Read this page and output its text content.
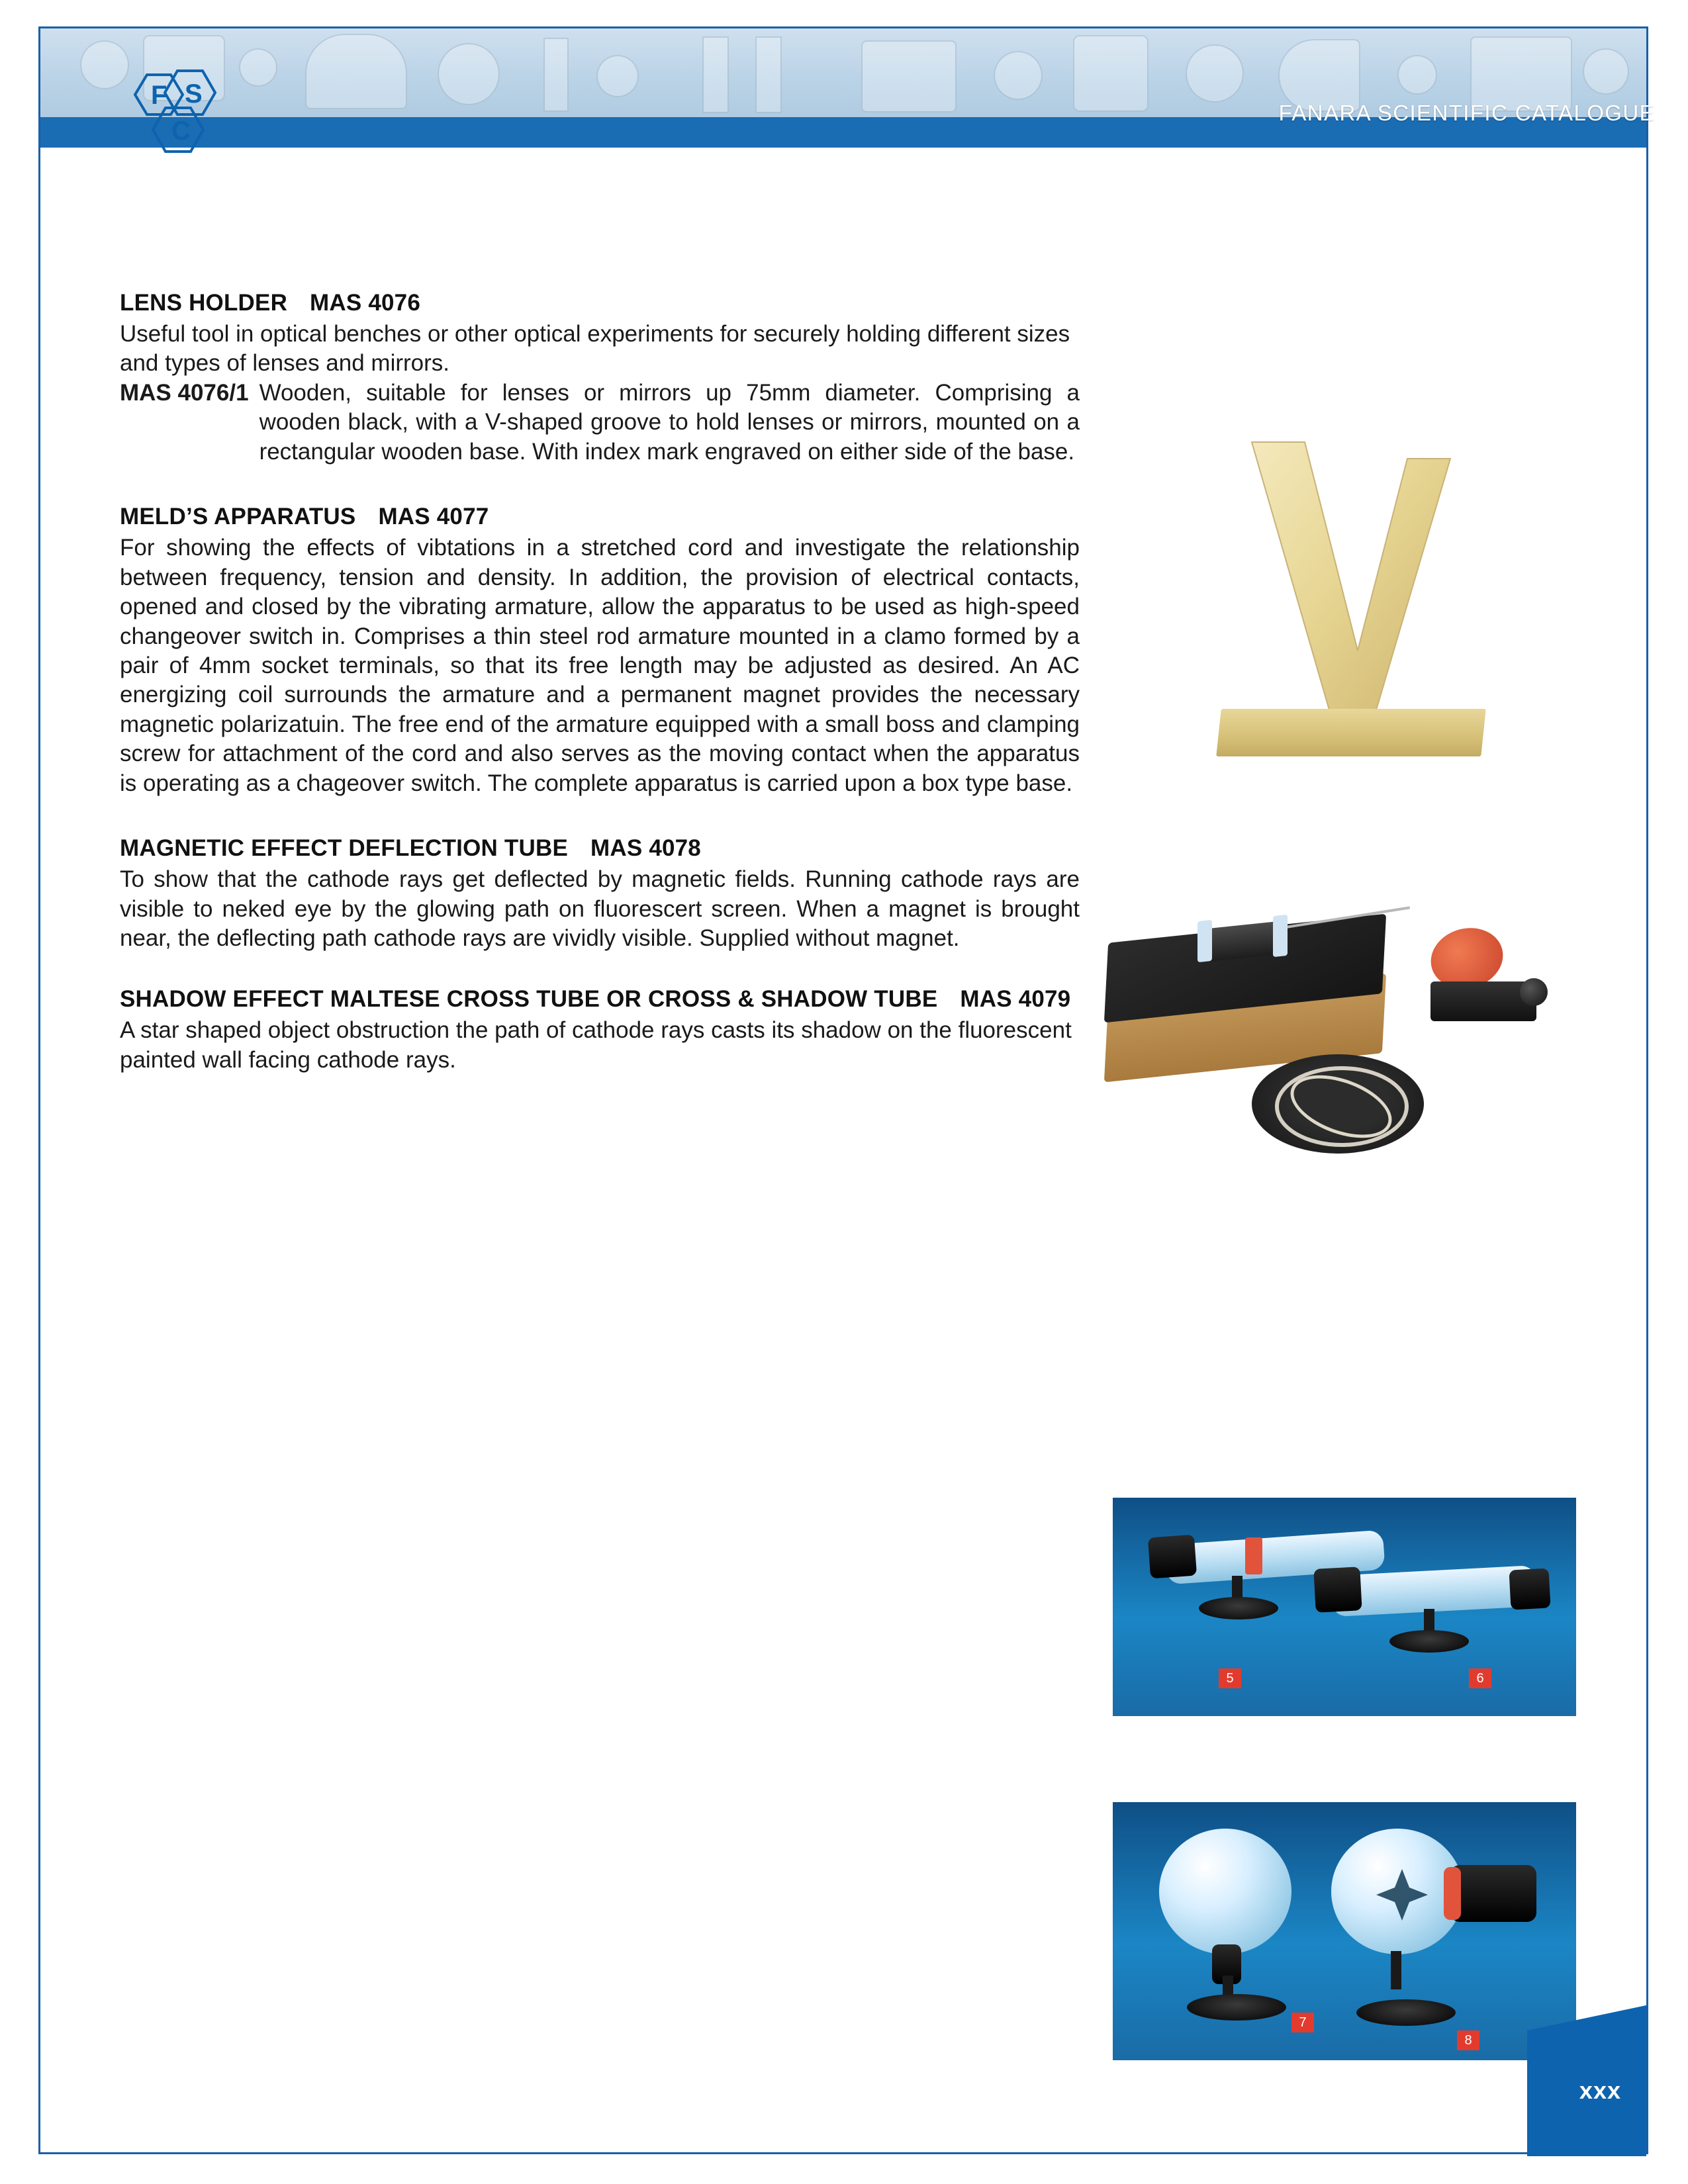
FANARA SCIENTIFIC CATALOGUE
F S
C
LENS HOLDER MAS 4076
Useful tool in optical benches or other optical experiments for securely holding different sizes and types of lenses and mirrors.
MAS 4076/1 Wooden, suitable for lenses or mirrors up 75mm diameter. Comprising a wooden black, with a V-shaped groove to hold lenses or mirrors, mounted on a rectangular wooden base. With index mark engraved on either side of the base.
MELD’S APPARATUS MAS 4077
For showing the effects of vibtations in a stretched cord and investigate the relationship between frequency, tension and density. In addition, the provision of electrical contacts, opened and closed by the vibrating armature, allow the apparatus to be used as high-speed changeover switch in. Comprises a thin steel rod armature mounted in a clamo formed by a pair of 4mm socket terminals, so that its free length may be adjusted as desired. An AC energizing coil surrounds the armature and a permanent magnet provides the necessary magnetic polarizatuin. The free end of the armature equipped with a small boss and clamping screw for attachment of the cord and also serves as the moving contact when the apparatus is operating as a chageover switch. The complete apparatus is carried upon a box type base.
MAGNETIC EFFECT DEFLECTION TUBE MAS 4078
To show that the cathode rays get deflected by magnetic fields. Running cathode rays are visible to neked eye by the glowing path on fluorescert screen. When a magnet is brought near, the deflecting path cathode rays are vividly visible. Supplied without magnet.
SHADOW EFFECT MALTESE CROSS TUBE OR CROSS & SHADOW TUBE MAS 4079
A star shaped object obstruction the path of cathode rays casts its shadow on the fluorescent painted wall facing cathode rays.
5	6
7
8
xxx
